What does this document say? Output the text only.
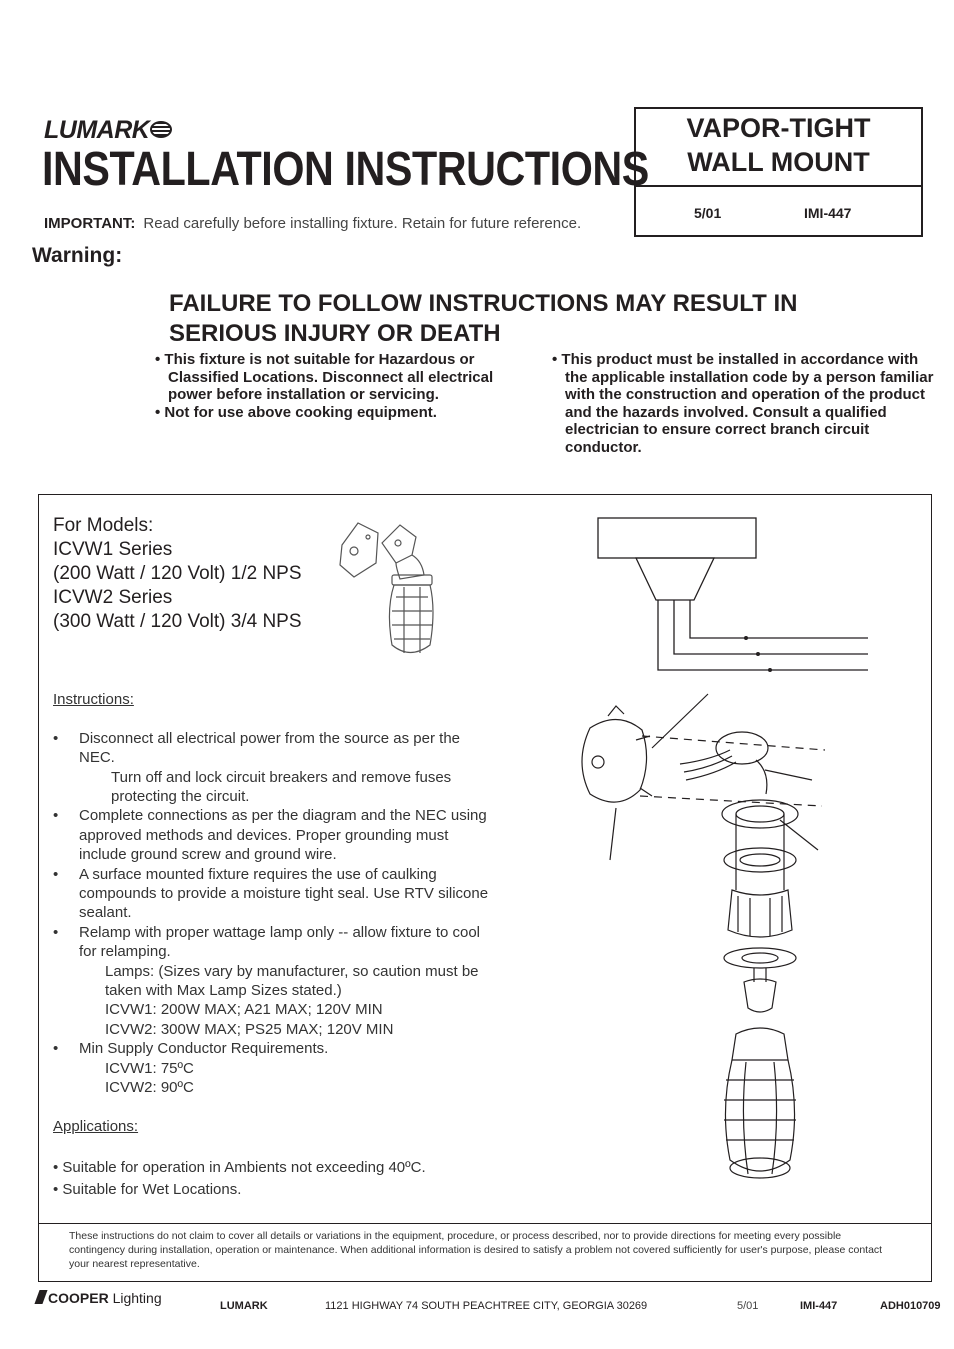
LUMARK
INSTALLATION INSTRUCTIONS
IMPORTANT: Read carefully before installing fixture. Retain for future reference.
VAPOR-TIGHT
WALL MOUNT
5/01	IMI-447
Warning:
FAILURE TO FOLLOW INSTRUCTIONS MAY RESULT IN
SERIOUS INJURY OR DEATH
• This fixture is not suitable for Hazardous or Classified Locations. Disconnect all electrical power before installation or servicing.
• Not for use above cooking equipment.
• This product must be installed in accordance with the applicable installation code by a person familiar with the construction and operation of the product and the hazards involved. Consult a qualified electrician to ensure correct branch circuit conductor.
For Models:
ICVW1 Series
(200 Watt / 120 Volt) 1/2 NPS
ICVW2 Series
(300 Watt / 120 Volt) 3/4 NPS
Instructions:
• Disconnect all electrical power from the source as per the NEC.
Turn off and lock circuit breakers and remove fuses protecting the circuit.
• Complete connections as per the diagram and the NEC using approved methods and devices. Proper grounding must include ground screw and ground wire.
• A surface mounted fixture requires the use of caulking compounds to provide a moisture tight seal. Use RTV silicone sealant.
• Relamp with proper wattage lamp only -- allow fixture to cool for relamping.
Lamps: (Sizes vary by manufacturer, so caution must be taken with Max Lamp Sizes stated.)
ICVW1: 200W MAX; A21 MAX; 120V MIN
ICVW2: 300W MAX; PS25 MAX; 120V MIN
• Min Supply Conductor Requirements.
ICVW1: 75ºC
ICVW2: 90ºC
Applications:
• Suitable for operation in Ambients not exceeding 40ºC.
• Suitable for Wet Locations.
These instructions do not claim to cover all details or variations in the equipment, procedure, or process described, nor to provide directions for meeting every possible contingency during installation, operation or maintenance. When additional information is desired to satisfy a problem not covered sufficiently for user's purpose, please contact your nearest representative.
COOPER Lighting	LUMARK	1121 HIGHWAY 74 SOUTH PEACHTREE CITY, GEORGIA 30269	5/01	IMI-447	ADH010709
